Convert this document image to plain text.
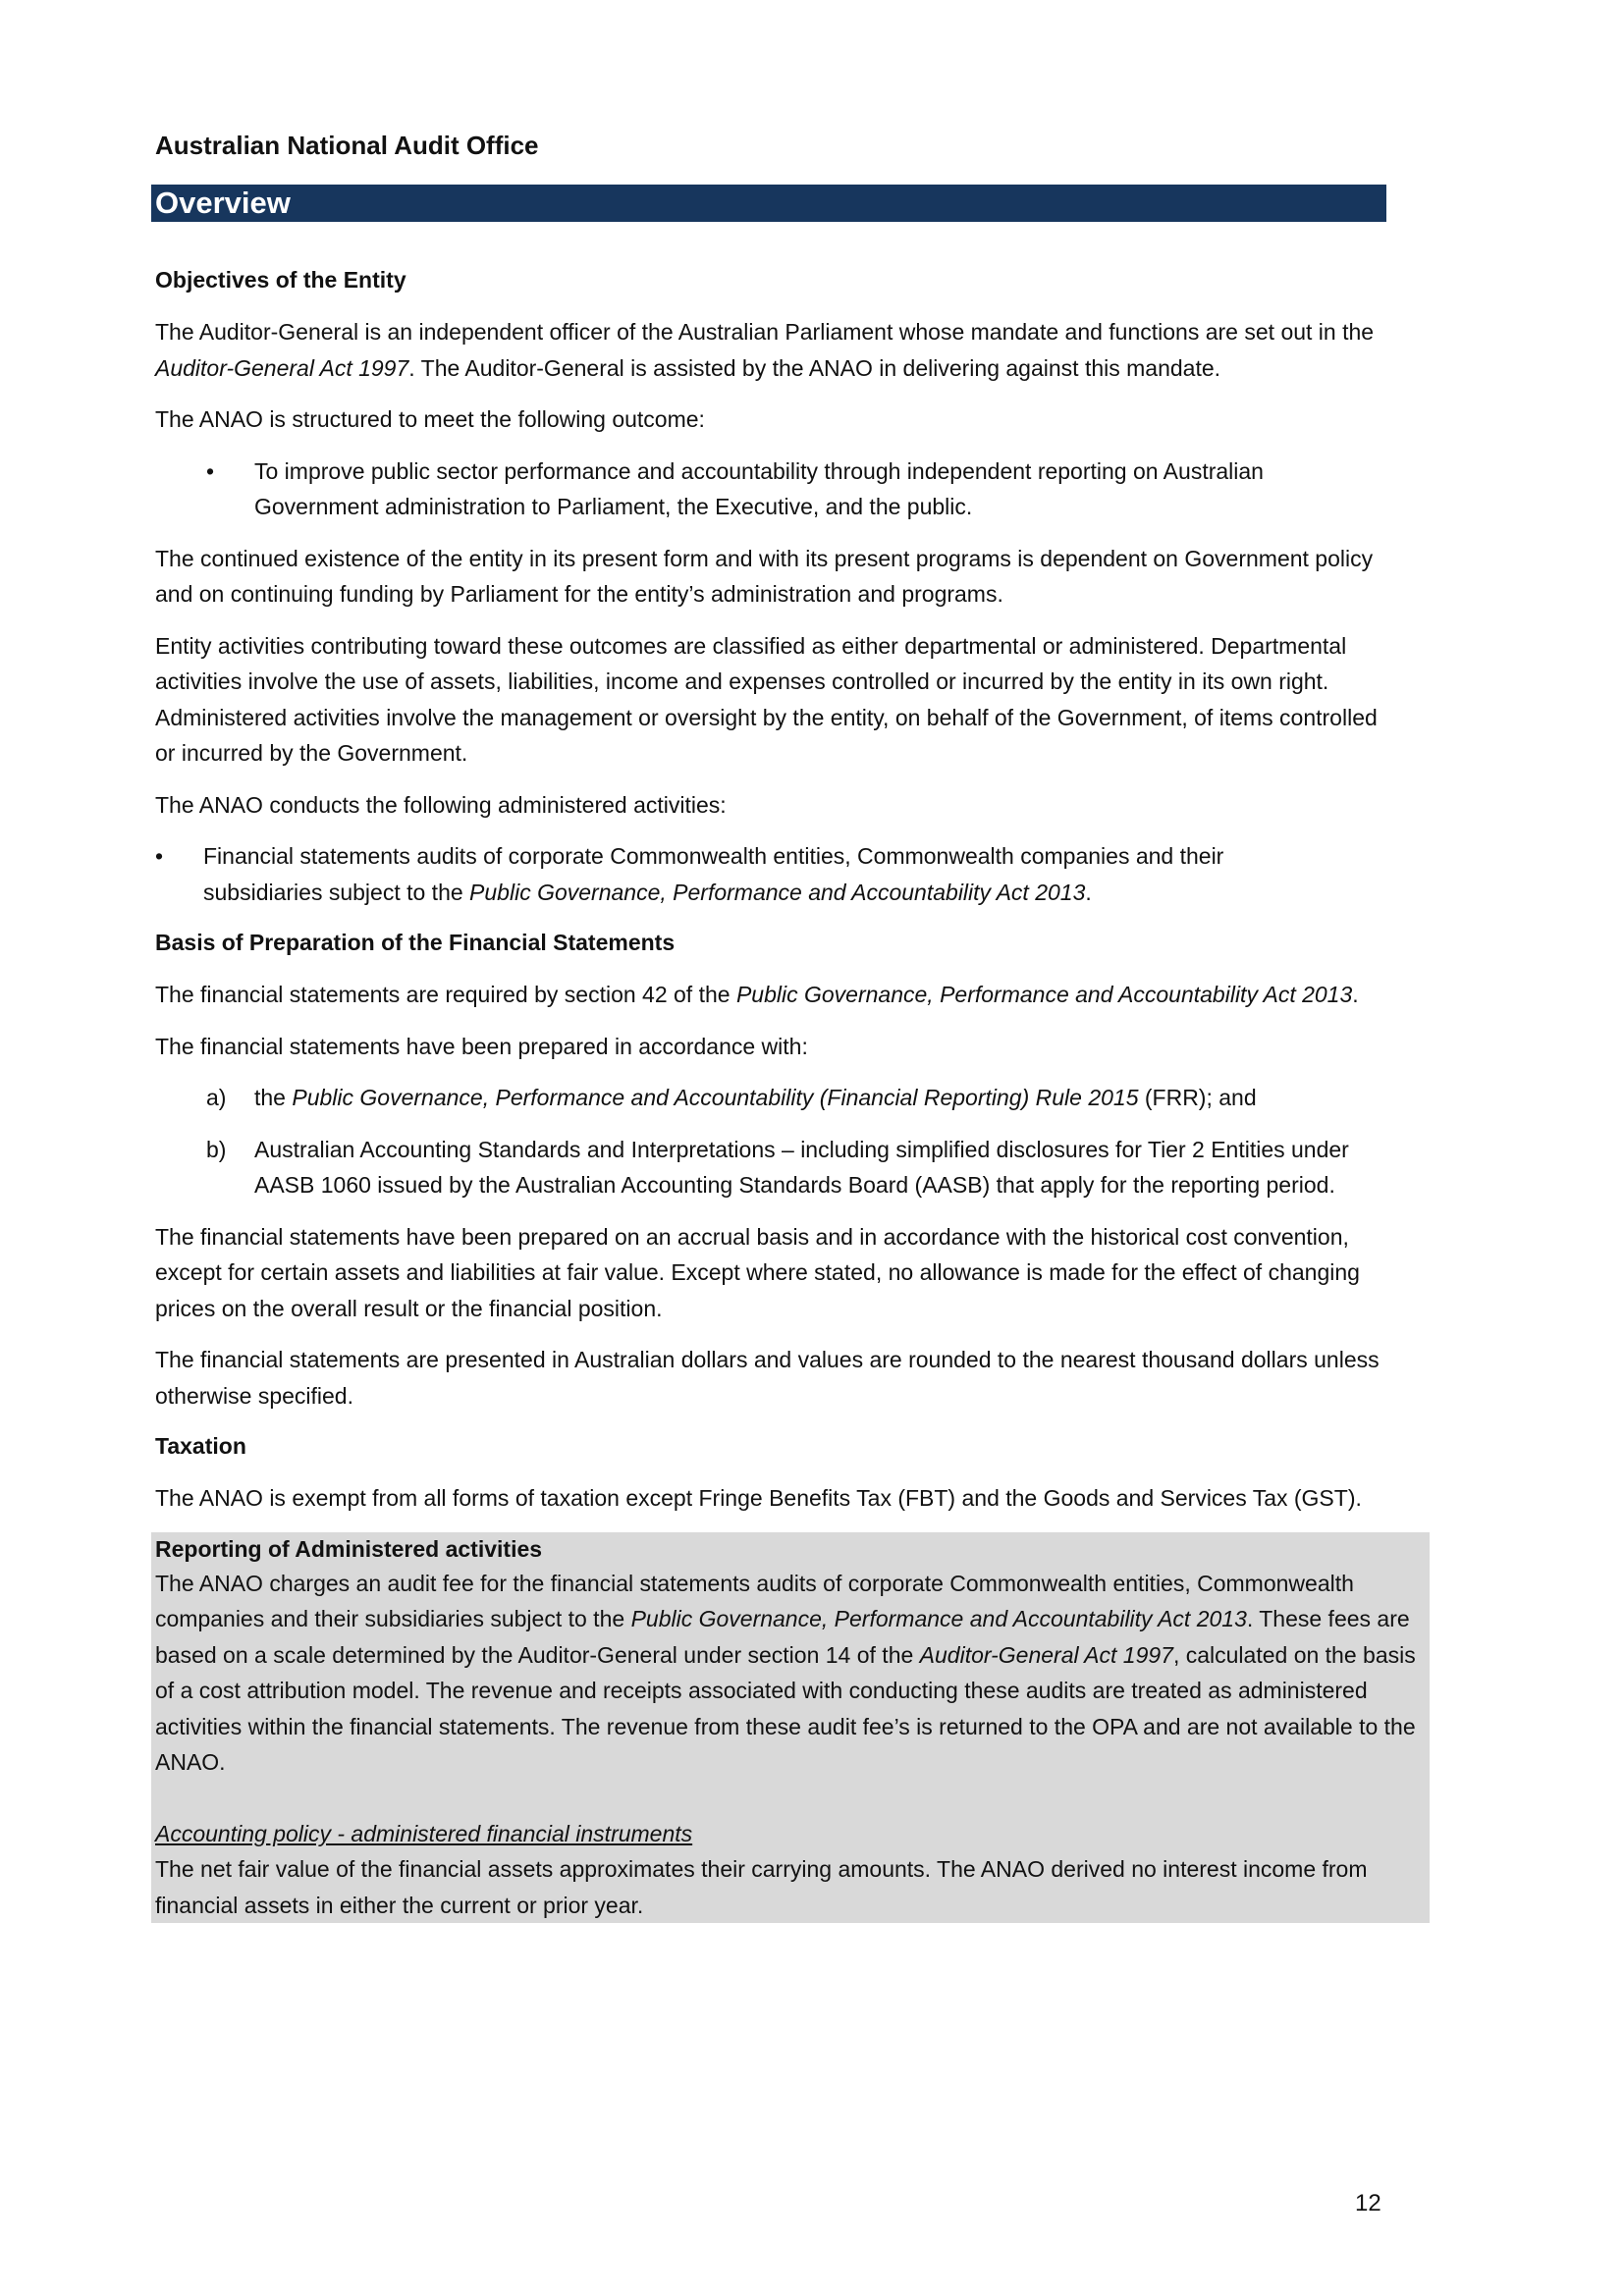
Australian National Audit Office
Overview
Objectives of the Entity

The Auditor-General is an independent officer of the Australian Parliament whose mandate and functions are set out in the Auditor-General Act 1997. The Auditor-General is assisted by the ANAO in delivering against this mandate.

The ANAO is structured to meet the following outcome:

• To improve public sector performance and accountability through independent reporting on Australian Government administration to Parliament, the Executive, and the public.

The continued existence of the entity in its present form and with its present programs is dependent on Government policy and on continuing funding by Parliament for the entity’s administration and programs.

Entity activities contributing toward these outcomes are classified as either departmental or administered. Departmental activities involve the use of assets, liabilities, income and expenses controlled or incurred by the entity in its own right. Administered activities involve the management or oversight by the entity, on behalf of the Government, of items controlled or incurred by the Government.

The ANAO conducts the following administered activities:

• Financial statements audits of corporate Commonwealth entities, Commonwealth companies and their subsidiaries subject to the Public Governance, Performance and Accountability Act 2013.
Basis of Preparation of the Financial Statements

The financial statements are required by section 42 of the Public Governance, Performance and Accountability Act 2013.

The financial statements have been prepared in accordance with:

a) the Public Governance, Performance and Accountability (Financial Reporting) Rule 2015 (FRR); and
b) Australian Accounting Standards and Interpretations – including simplified disclosures for Tier 2 Entities under AASB 1060 issued by the Australian Accounting Standards Board (AASB) that apply for the reporting period.

The financial statements have been prepared on an accrual basis and in accordance with the historical cost convention, except for certain assets and liabilities at fair value. Except where stated, no allowance is made for the effect of changing prices on the overall result or the financial position.

The financial statements are presented in Australian dollars and values are rounded to the nearest thousand dollars unless otherwise specified.

Taxation

The ANAO is exempt from all forms of taxation except Fringe Benefits Tax (FBT) and the Goods and Services Tax (GST).

Reporting of Administered activities

The ANAO charges an audit fee for the financial statements audits of corporate Commonwealth entities, Commonwealth companies and their subsidiaries subject to the Public Governance, Performance and Accountability Act 2013. These fees are based on a scale determined by the Auditor-General under section 14 of the Auditor-General Act 1997, calculated on the basis of a cost attribution model. The revenue and receipts associated with conducting these audits are treated as administered activities within the financial statements. The revenue from these audit fee’s is returned to the OPA and are not available to the ANAO.

Accounting policy - administered financial instruments

The net fair value of the financial assets approximates their carrying amounts. The ANAO derived no interest income from financial assets in either the current or prior year.

12
